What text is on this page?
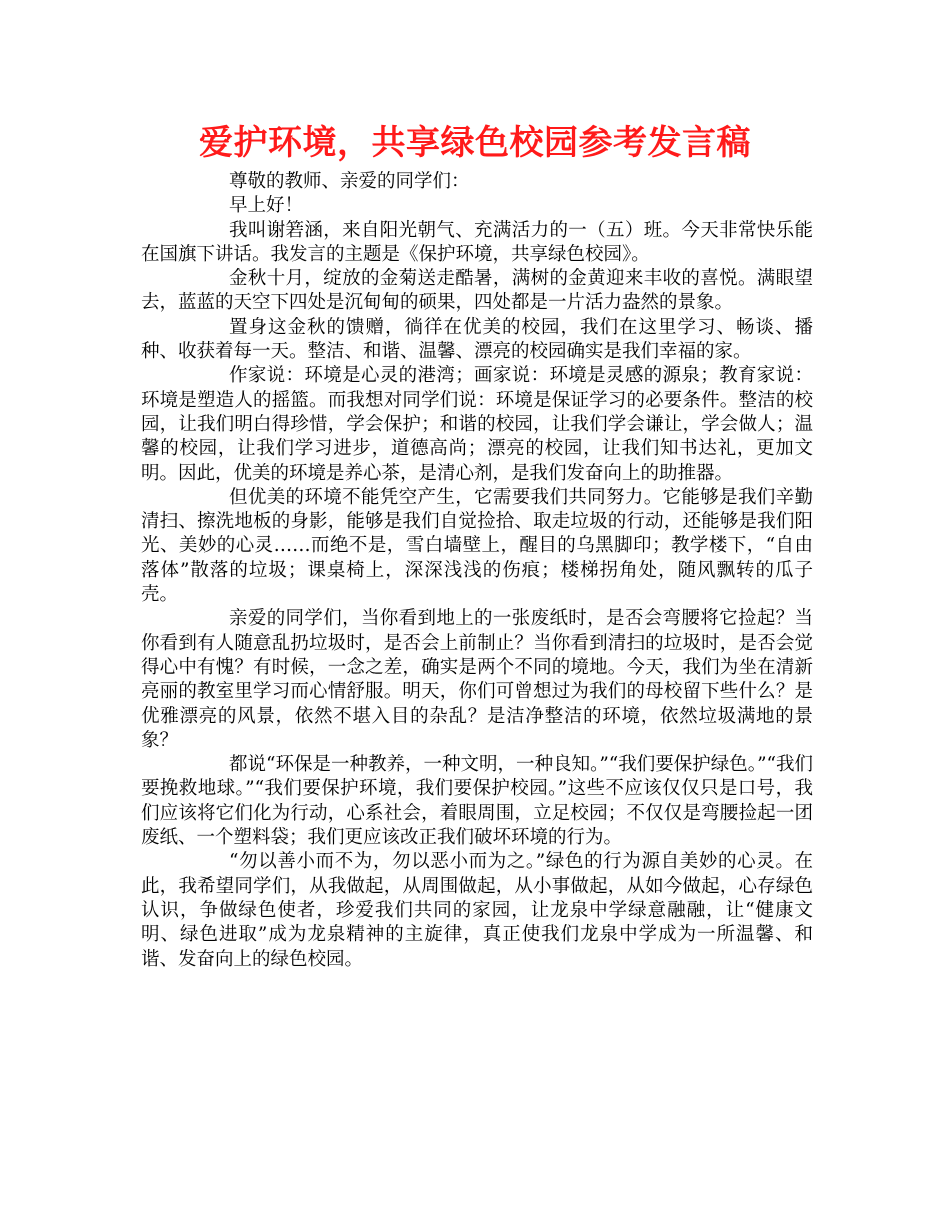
爱护环境，共享绿色校园参考发言稿

尊敬的教师、亲爱的同学们：

早上好！

我叫谢箬涵，来自阳光朝气、充满活力的一（五）班。今天非常快乐能在国旗下讲话。我发言的主题是《保护环境，共享绿色校园》。

金秋十月，绽放的金菊送走酷暑，满树的金黄迎来丰收的喜悦。满眼望去，蓝蓝的天空下四处是沉甸甸的硕果，四处都是一片活力盎然的景象。

置身这金秋的馈赠，徜徉在优美的校园，我们在这里学习、畅谈、播种、收获着每一天。整洁、和谐、温馨、漂亮的校园确实是我们幸福的家。

作家说：环境是心灵的港湾；画家说：环境是灵感的源泉；教育家说：环境是塑造人的摇篮。而我想对同学们说：环境是保证学习的必要条件。整洁的校园，让我们明白得珍惜，学会保护；和谐的校园，让我们学会谦让，学会做人；温馨的校园，让我们学习进步，道德高尚；漂亮的校园，让我们知书达礼，更加文明。因此，优美的环境是养心茶，是清心剂，是我们发奋向上的助推器。

但优美的环境不能凭空产生，它需要我们共同努力。它能够是我们辛勤清扫、擦洗地板的身影，能够是我们自觉捡拾、取走垃圾的行动，还能够是我们阳光、美妙的心灵……而绝不是，雪白墙壁上，醒目的乌黑脚印；教学楼下，“自由落体”散落的垃圾；课桌椅上，深深浅浅的伤痕；楼梯拐角处，随风飘转的瓜子壳。

亲爱的同学们，当你看到地上的一张废纸时，是否会弯腰将它捡起？当你看到有人随意乱扔垃圾时，是否会上前制止？当你看到清扫的垃圾时，是否会觉得心中有愧？有时候，一念之差，确实是两个不同的境地。今天，我们为坐在清新亮丽的教室里学习而心情舒服。明天，你们可曾想过为我们的母校留下些什么？是优雅漂亮的风景，依然不堪入目的杂乱？是洁净整洁的环境，依然垃圾满地的景象？

都说“环保是一种教养，一种文明，一种良知。”“我们要保护绿色。”“我们要挽救地球。”“我们要保护环境，我们要保护校园。”这些不应该仅仅只是口号，我们应该将它们化为行动，心系社会，着眼周围，立足校园；不仅仅是弯腰捡起一团废纸、一个塑料袋；我们更应该改正我们破坏环境的行为。

“勿以善小而不为，勿以恶小而为之。”绿色的行为源自美妙的心灵。在此，我希望同学们，从我做起，从周围做起，从小事做起，从如今做起，心存绿色认识，争做绿色使者，珍爱我们共同的家园，让龙泉中学绿意融融，让“健康文明、绿色进取”成为龙泉精神的主旋律，真正使我们龙泉中学成为一所温馨、和谐、发奋向上的绿色校园。
